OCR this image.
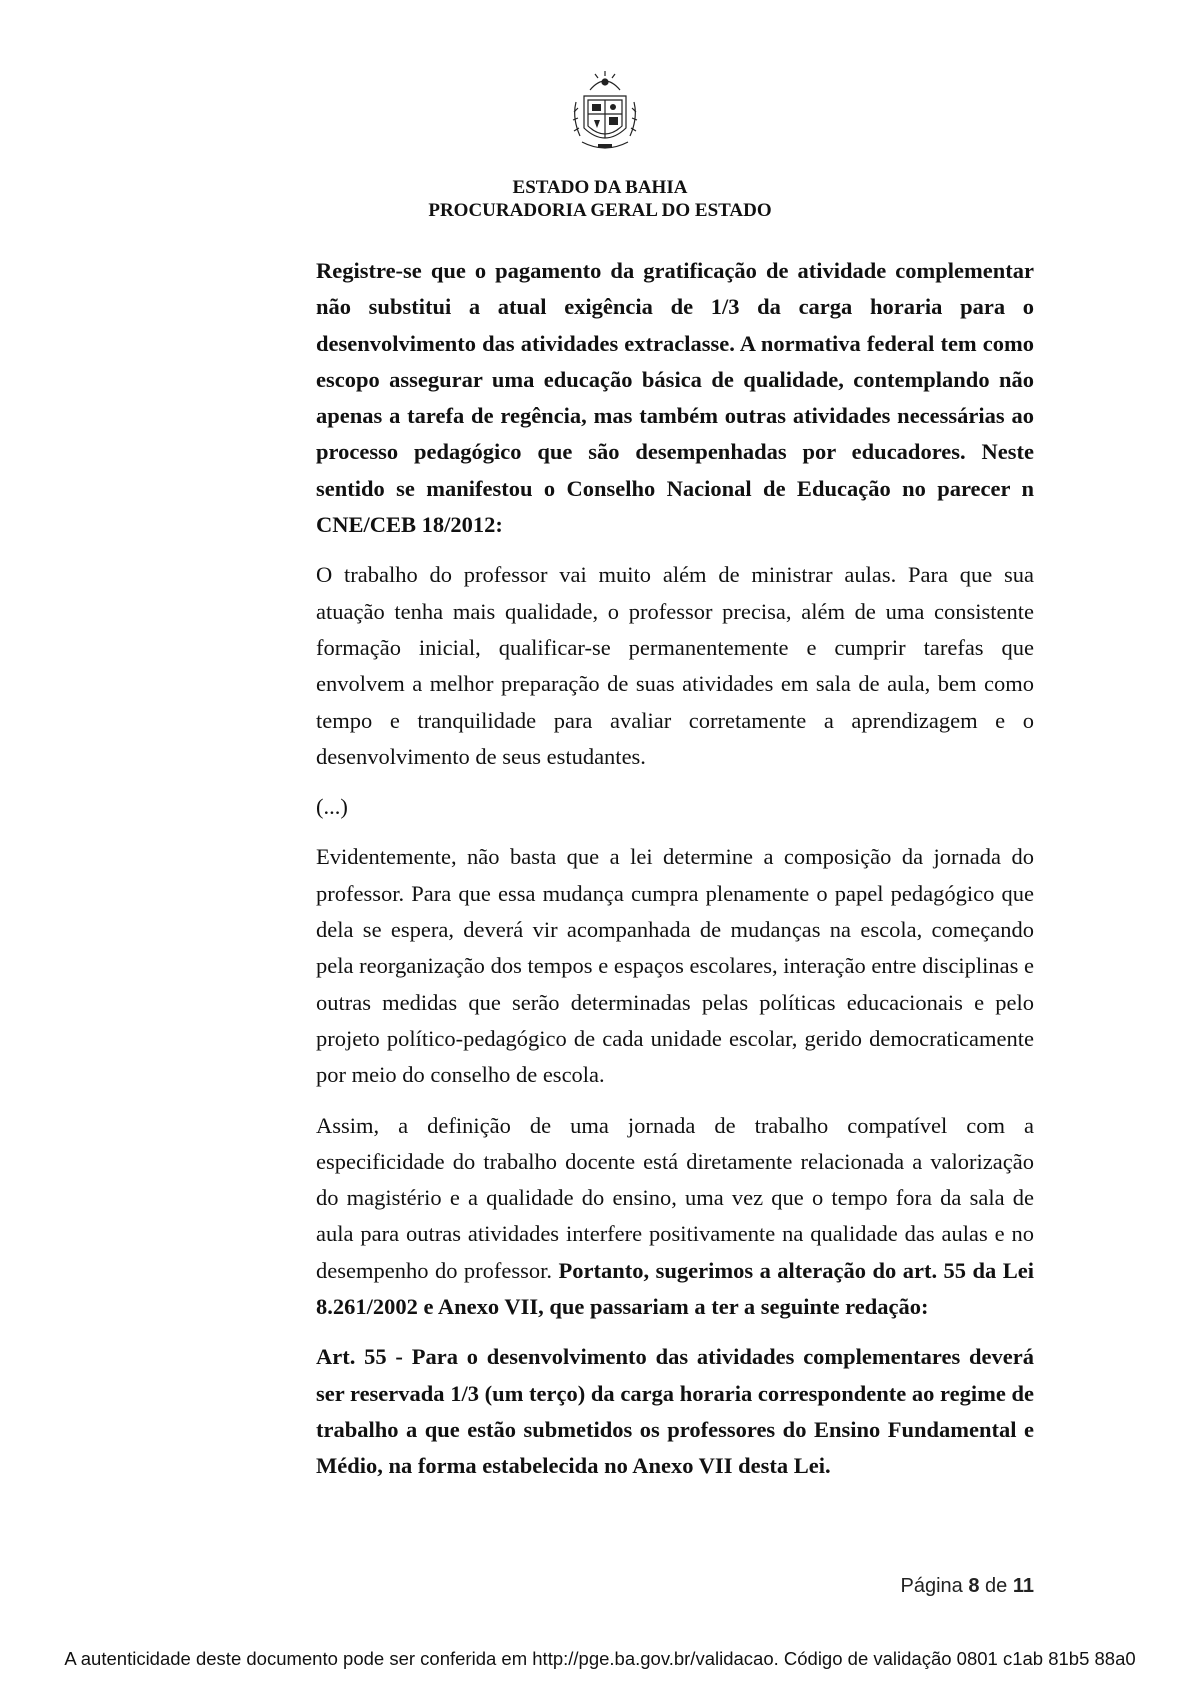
ESTADO DA BAHIA
PROCURADORIA GERAL DO ESTADO

Registre-se que o pagamento da gratificação de atividade complementar não substitui a atual exigência de 1/3 da carga horaria para o desenvolvimento das atividades extraclasse. A normativa federal tem como escopo assegurar uma educação básica de qualidade, contemplando não apenas a tarefa de regência, mas também outras atividades necessárias ao processo pedagógico que são desempenhadas por educadores. Neste sentido se manifestou o Conselho Nacional de Educação no parecer n CNE/CEB 18/2012:

O trabalho do professor vai muito além de ministrar aulas. Para que sua atuação tenha mais qualidade, o professor precisa, além de uma consistente formação inicial, qualificar-se permanentemente e cumprir tarefas que envolvem a melhor preparação de suas atividades em sala de aula, bem como tempo e tranquilidade para avaliar corretamente a aprendizagem e o desenvolvimento de seus estudantes.

(...)

Evidentemente, não basta que a lei determine a composição da jornada do professor. Para que essa mudança cumpra plenamente o papel pedagógico que dela se espera, deverá vir acompanhada de mudanças na escola, começando pela reorganização dos tempos e espaços escolares, interação entre disciplinas e outras medidas que serão determinadas pelas políticas educacionais e pelo projeto político-pedagógico de cada unidade escolar, gerido democraticamente por meio do conselho de escola.

Assim, a definição de uma jornada de trabalho compatível com a especificidade do trabalho docente está diretamente relacionada a valorização do magistério e a qualidade do ensino, uma vez que o tempo fora da sala de aula para outras atividades interfere positivamente na qualidade das aulas e no desempenho do professor. Portanto, sugerimos a alteração do art. 55 da Lei 8.261/2002 e Anexo VII, que passariam a ter a seguinte redação:

Art. 55 - Para o desenvolvimento das atividades complementares deverá ser reservada 1/3 (um terço) da carga horaria correspondente ao regime de trabalho a que estão submetidos os professores do Ensino Fundamental e Médio, na forma estabelecida no Anexo VII desta Lei.

Página 8 de 11
A autenticidade deste documento pode ser conferida em http://pge.ba.gov.br/validacao. Código de validação 0801 c1ab 81b5 88a0
